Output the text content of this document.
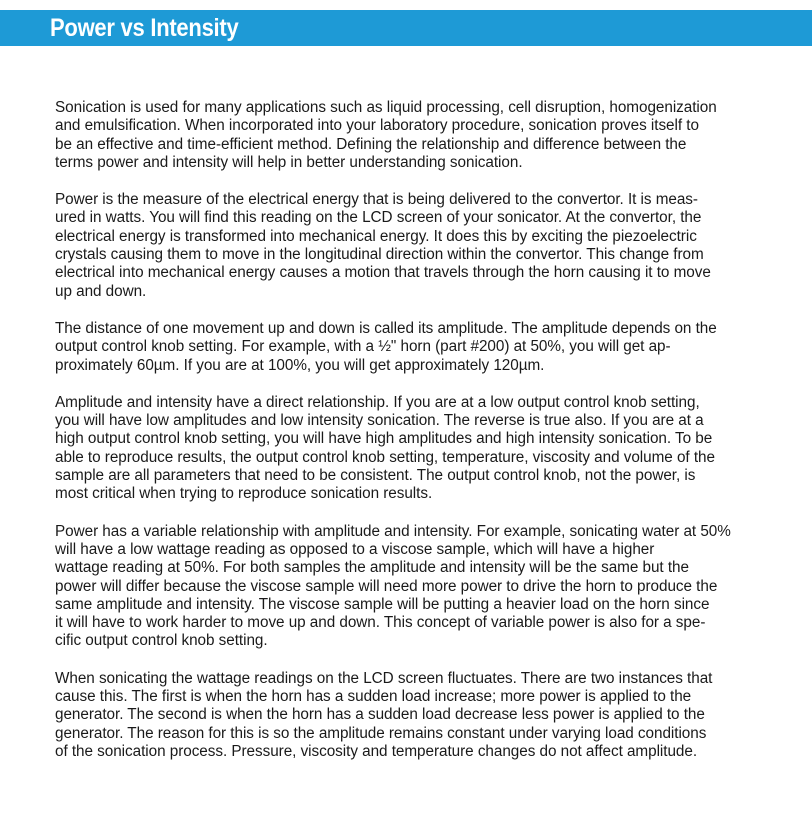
Power vs Intensity

Sonication is used for many applications such as liquid processing, cell disruption, homogenization
and emulsification. When incorporated into your laboratory procedure, sonication proves itself to
be an effective and time-efficient method. Defining the relationship and difference between the
terms power and intensity will help in better understanding sonication.

Power is the measure of the electrical energy that is being delivered to the convertor. It is meas-
ured in watts. You will find this reading on the LCD screen of your sonicator. At the convertor, the
electrical energy is transformed into mechanical energy. It does this by exciting the piezoelectric
crystals causing them to move in the longitudinal direction within the convertor. This change from
electrical into mechanical energy causes a motion that travels through the horn causing it to move
up and down.

The distance of one movement up and down is called its amplitude. The amplitude depends on the
output control knob setting. For example, with a ½" horn (part #200) at 50%, you will get ap-
proximately 60µm. If you are at 100%, you will get approximately 120µm.

Amplitude and intensity have a direct relationship. If you are at a low output control knob setting,
you will have low amplitudes and low intensity sonication. The reverse is true also. If you are at a
high output control knob setting, you will have high amplitudes and high intensity sonication. To be
able to reproduce results, the output control knob setting, temperature, viscosity and volume of the
sample are all parameters that need to be consistent. The output control knob, not the power, is
most critical when trying to reproduce sonication results.

Power has a variable relationship with amplitude and intensity. For example, sonicating water at 50%
will have a low wattage reading as opposed to a viscose sample, which will have a higher
wattage reading at 50%. For both samples the amplitude and intensity will be the same but the
power will differ because the viscose sample will need more power to drive the horn to produce the
same amplitude and intensity. The viscose sample will be putting a heavier load on the horn since
it will have to work harder to move up and down. This concept of variable power is also for a spe-
cific output control knob setting.

When sonicating the wattage readings on the LCD screen fluctuates. There are two instances that
cause this. The first is when the horn has a sudden load increase; more power is applied to the
generator. The second is when the horn has a sudden load decrease less power is applied to the
generator. The reason for this is so the amplitude remains constant under varying load conditions
of the sonication process. Pressure, viscosity and temperature changes do not affect amplitude.
